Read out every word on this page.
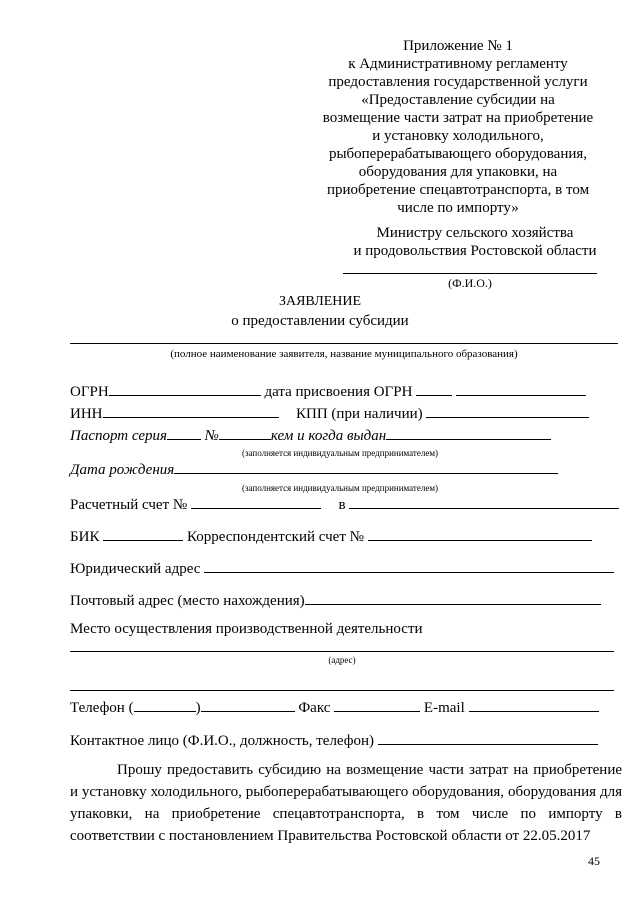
Приложение № 1
к Административному регламенту
предоставления государственной услуги
«Предоставление субсидии на
возмещение части затрат на приобретение
и установку холодильного,
рыбоперерабатывающего оборудования,
оборудования для упаковки, на
приобретение спецавтотранспорта, в том
числе по импорту»
Министру сельского хозяйства
и продовольствия Ростовской области
(Ф.И.О.)
ЗАЯВЛЕНИЕ
о предоставлении субсидии
(полное наименование заявителя, название муниципального образования)
ОГРН	дата присвоения ОГРН
ИНН	КПП (при наличии)
Паспорт серия	№	кем и когда выдан
(заполняется индивидуальным предпринимателем)
Дата рождения
(заполняется индивидуальным предпринимателем)
Расчетный счет №	в
БИК	Корреспондентский счет №
Юридический адрес
Почтовый адрес (место нахождения)
Место осуществления производственной деятельности
(адрес)
Телефон (	)	Факс	E-mail
Контактное лицо (Ф.И.О., должность, телефон)
Прошу предоставить субсидию на возмещение части затрат на приобретение и установку холодильного, рыбоперерабатывающего оборудования, оборудования для упаковки, на приобретение спецавтотранспорта, в том числе по импорту в соответствии с постановлением Правительства Ростовской области от 22.05.2017
45
